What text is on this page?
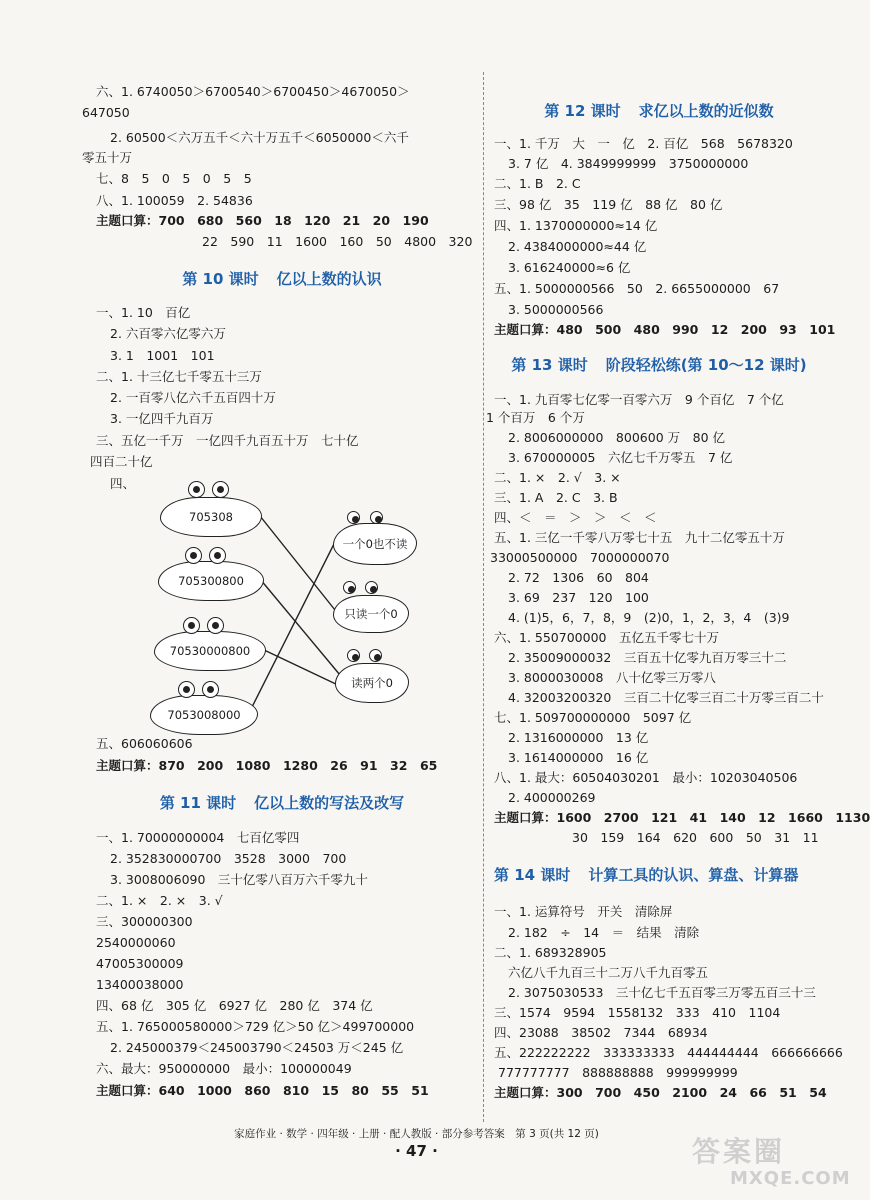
六、1. 6740050＞6700540＞6700450＞4670050＞
647050
2. 60500＜六万五千＜六十万五千＜6050000＜六千
零五十万
七、8　5　0　5　0　5　5
八、1. 100059　2. 54836
主题口算：700　680　560　18　120　21　20　190
22　590　11　1600　160　50　4800　320
第 10 课时 亿以上数的认识
一、1. 10　百亿
2. 六百零六亿零六万
3. 1　1001　101
二、1. 十三亿七千零五十三万
2. 一百零八亿六千五百四十万
3. 一亿四千九百万
三、五亿一千万　一亿四千九百五十万　七十亿
四百二十亿
四、
五、606060606
主题口算：870　200　1080　1280　26　91　32　65
第 11 课时 亿以上数的写法及改写
一、1. 70000000004　七百亿零四
2. 352830000700　3528　3000　700
3. 3008006090　三十亿零八百万六千零九十
二、1. ×　2. ×　3. √
三、300000300
2540000060
47005300009
13400038000
四、68 亿　305 亿　6927 亿　280 亿　374 亿
五、1. 765000580000＞729 亿＞50 亿＞499700000
2. 245000379＜245003790＜24503 万＜245 亿
六、最大：950000000　最小：100000049
主题口算：640　1000　860　810　15　80　55　51
705308
705300800
70530000800
7053008000
一个0也不读
只读一个0
读两个0
第 12 课时 求亿以上数的近似数
一、1. 千万　大　一　亿　2. 百亿　568　5678320
3. 7 亿　4. 3849999999　3750000000
二、1. B　2. C
三、98 亿　35　119 亿　88 亿　80 亿
四、1. 1370000000≈14 亿
2. 4384000000≈44 亿
3. 616240000≈6 亿
五、1. 5000000566　50　2. 6655000000　67
3. 5000000566
主题口算：480　500　480　990　12　200　93　101
第 13 课时 阶段轻松练(第 10～12 课时)
一、1. 九百零七亿零一百零六万　9 个百亿　7 个亿
1 个百万　6 个万
2. 8006000000　800600 万　80 亿
3. 670000005　六亿七千万零五　7 亿
二、1. ×　2. √　3. ×
三、1. A　2. C　3. B
四、＜　＝　＞　＞　＜　＜
五、1. 三亿一千零八万零七十五　九十二亿零五十万
33000500000　7000000070
2. 72　1306　60　804
3. 69　237　120　100
4. (1)5，6，7，8，9　(2)0，1，2，3，4　(3)9
六、1. 550700000　五亿五千零七十万
2. 35009000032　三百五十亿零九百万零三十二
3. 8000030008　八十亿零三万零八
4. 32003200320　三百二十亿零三百二十万零三百二十
七、1. 509700000000　5097 亿
2. 1316000000　13 亿
3. 1614000000　16 亿
八、1. 最大：60504030201　最小：10203040506
2. 400000269
主题口算：1600　2700　121　41　140　12　1660　1130
30　159　164　620　600　50　31　11
第 14 课时 计算工具的认识、算盘、计算器
一、1. 运算符号　开关　清除屏
2. 182　÷　14　＝　结果　清除
二、1. 689328905
六亿八千九百三十二万八千九百零五
2. 3075030533　三十亿七千五百零三万零五百三十三
三、1574　9594　1558132　333　410　1104
四、23088　38502　7344　68934
五、222222222　333333333　444444444　666666666
777777777　888888888　999999999
主题口算：300　700　450　2100　24　66　51　54
家庭作业 · 数学 · 四年级 · 上册 · 配人教版 · 部分参考答案　第 3 页(共 12 页)
· 47 ·	答案圈
MXQE.COM
